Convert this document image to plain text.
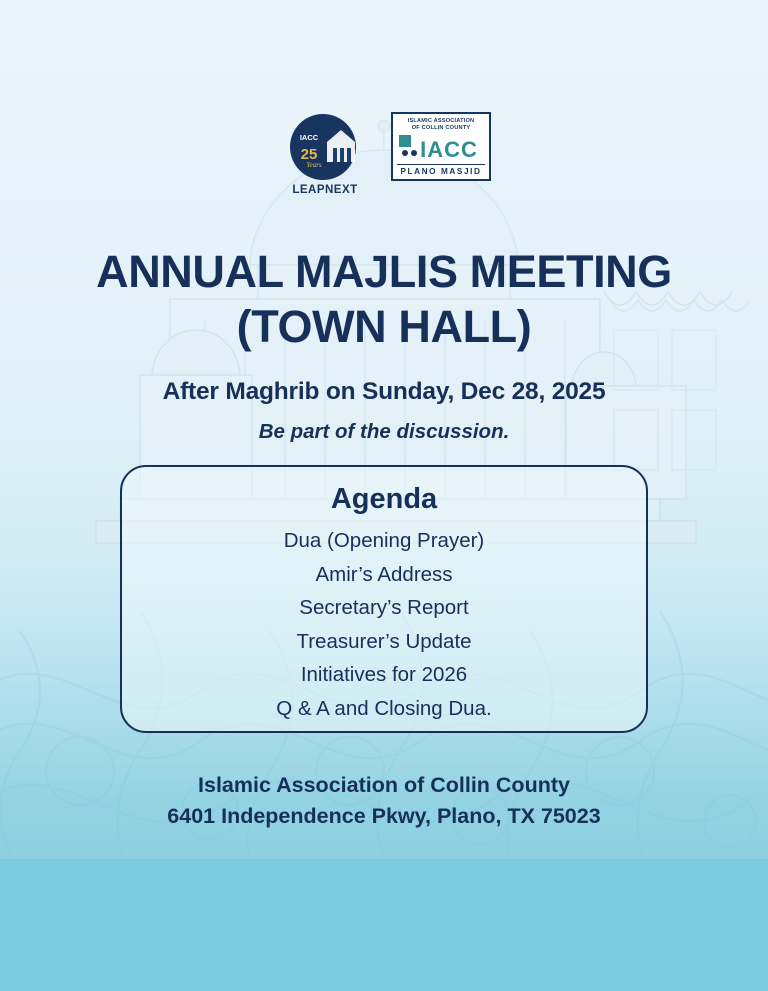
IACC
25
Years
LEAPNEXT
ISLAMIC ASSOCIATION
OF COLLIN COUNTY
IACC
PLANO MASJID
ANNUAL MAJLIS MEETING
(TOWN HALL)
After Maghrib on Sunday, Dec 28, 2025
Be part of the discussion.
Agenda
Dua (Opening Prayer)
Amir’s Address
Secretary’s Report
Treasurer’s Update
Initiatives for 2026
Q & A and Closing Dua.
Islamic Association of Collin County
6401 Independence Pkwy, Plano, TX 75023
